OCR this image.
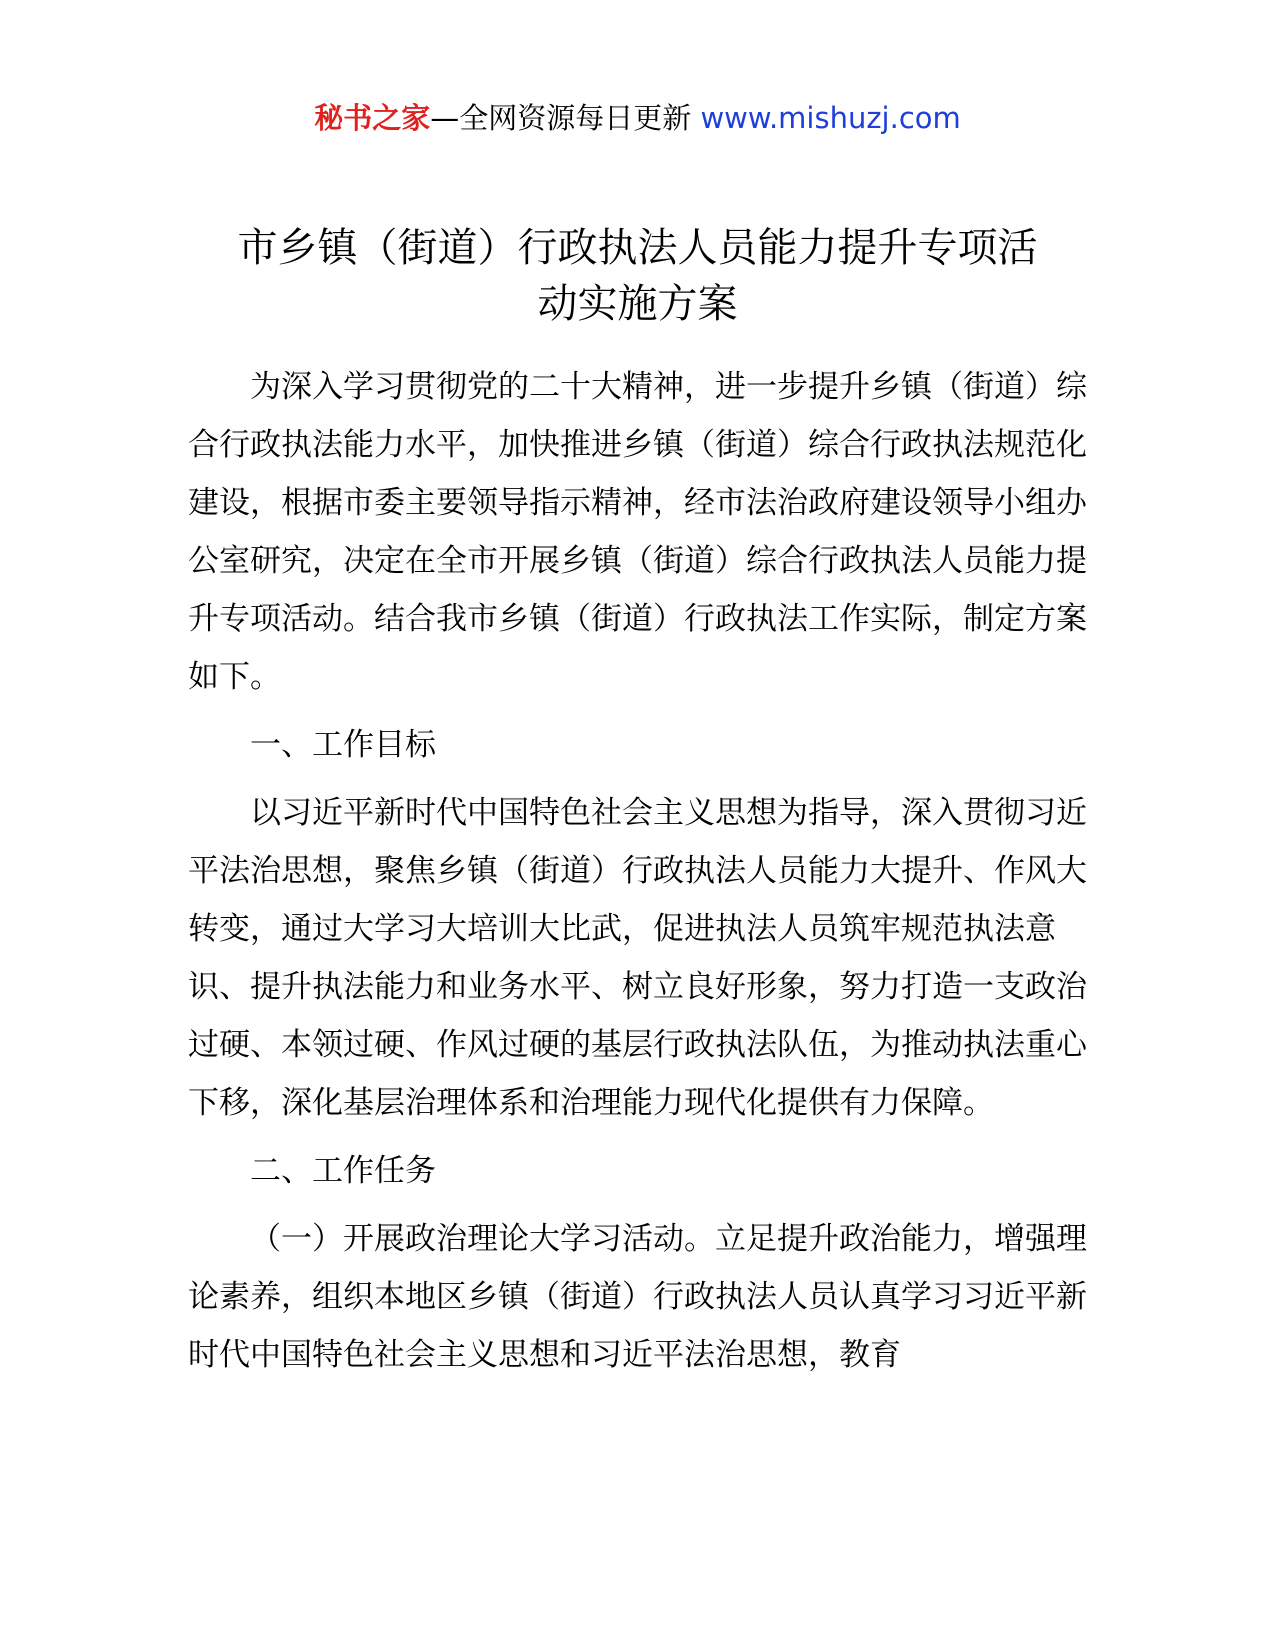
秘书之家—全网资源每日更新 www.mishuzj.com
市乡镇（街道）行政执法人员能力提升专项活
动实施方案

为深入学习贯彻党的二十大精神，进一步提升乡镇（街道）综合行政执法能力水平，加快推进乡镇（街道）综合行政执法规范化建设，根据市委主要领导指示精神，经市法治政府建设领导小组办公室研究，决定在全市开展乡镇（街道）综合行政执法人员能力提升专项活动。结合我市乡镇（街道）行政执法工作实际，制定方案如下。

一、工作目标

以习近平新时代中国特色社会主义思想为指导，深入贯彻习近平法治思想，聚焦乡镇（街道）行政执法人员能力大提升、作风大转变，通过大学习大培训大比武，促进执法人员筑牢规范执法意识、提升执法能力和业务水平、树立良好形象，努力打造一支政治过硬、本领过硬、作风过硬的基层行政执法队伍，为推动执法重心下移，深化基层治理体系和治理能力现代化提供有力保障。

二、工作任务

（一）开展政治理论大学习活动。立足提升政治能力，增强理论素养，组织本地区乡镇（街道）行政执法人员认真学习习近平新时代中国特色社会主义思想和习近平法治思想，教育
